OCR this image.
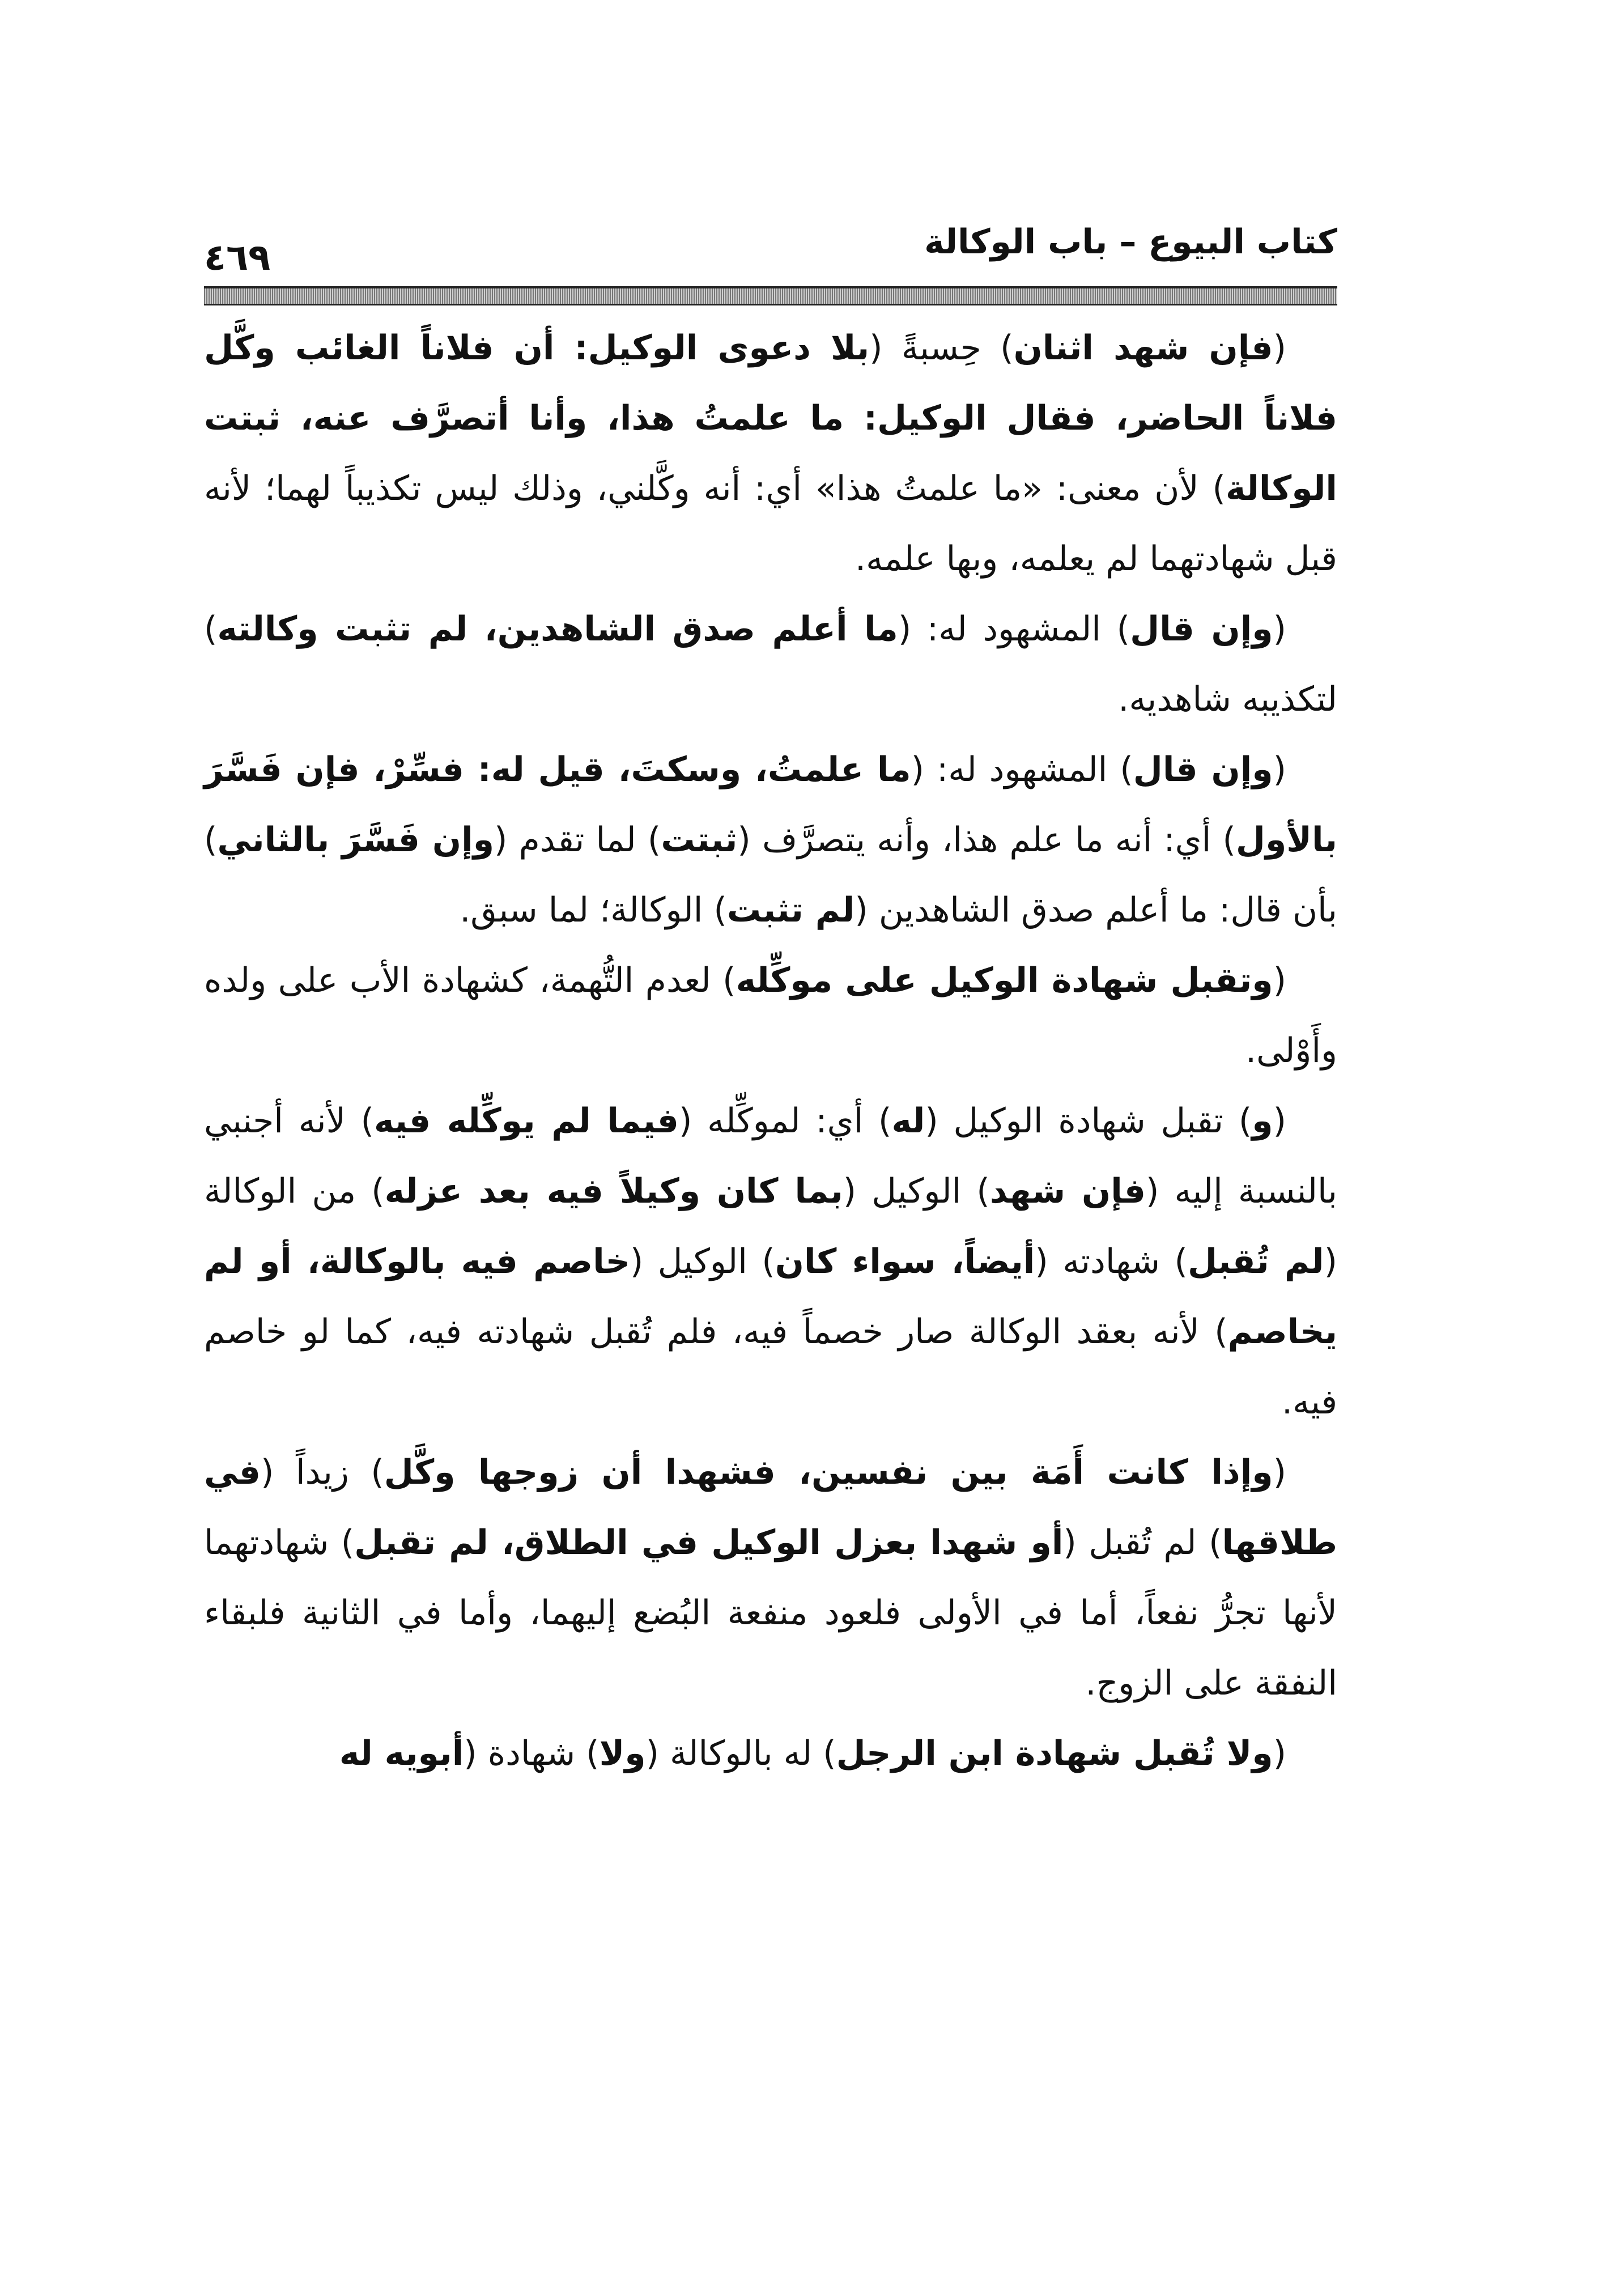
كتاب البيوع – باب الوكالة
٤٦٩

(فإن شهد اثنان) حِسبةً (بلا دعوى الوكيل: أن فلاناً الغائب وكَّل فلاناً الحاضر، فقال الوكيل: ما علمتُ هذا، وأنا أتصرَّف عنه، ثبتت الوكالة) لأن معنى: «ما علمتُ هذا» أي: أنه وكَّلني، وذلك ليس تكذيباً لهما؛ لأنه قبل شهادتهما لم يعلمه، وبها علمه.

(وإن قال) المشهود له: (ما أعلم صدق الشاهدين، لم تثبت وكالته) لتكذيبه شاهديه.

(وإن قال) المشهود له: (ما علمتُ، وسكتَ، قيل له: فسِّرْ، فإن فَسَّرَ بالأول) أي: أنه ما علم هذا، وأنه يتصرَّف (ثبتت) لما تقدم (وإن فَسَّرَ بالثاني) بأن قال: ما أعلم صدق الشاهدين (لم تثبت) الوكالة؛ لما سبق.

(وتقبل شهادة الوكيل على موكِّله) لعدم التُّهمة، كشهادة الأب على ولده وأَوْلى.

(و) تقبل شهادة الوكيل (له) أي: لموكِّله (فيما لم يوكِّله فيه) لأنه أجنبي بالنسبة إليه (فإن شهد) الوكيل (بما كان وكيلاً فيه بعد عزله) من الوكالة (لم تُقبل) شهادته (أيضاً، سواء كان) الوكيل (خاصم فيه بالوكالة، أو لم يخاصم) لأنه بعقد الوكالة صار خصماً فيه، فلم تُقبل شهادته فيه، كما لو خاصم فيه.

(وإذا كانت أَمَة بين نفسين، فشهدا أن زوجها وكَّل) زيداً (في طلاقها) لم تُقبل (أو شهدا بعزل الوكيل في الطلاق، لم تقبل) شهادتهما لأنها تجرُّ نفعاً، أما في الأولى فلعود منفعة البُضع إليهما، وأما في الثانية فلبقاء النفقة على الزوج.

(ولا تُقبل شهادة ابن الرجل) له بالوكالة (ولا) شهادة (أبويه له
